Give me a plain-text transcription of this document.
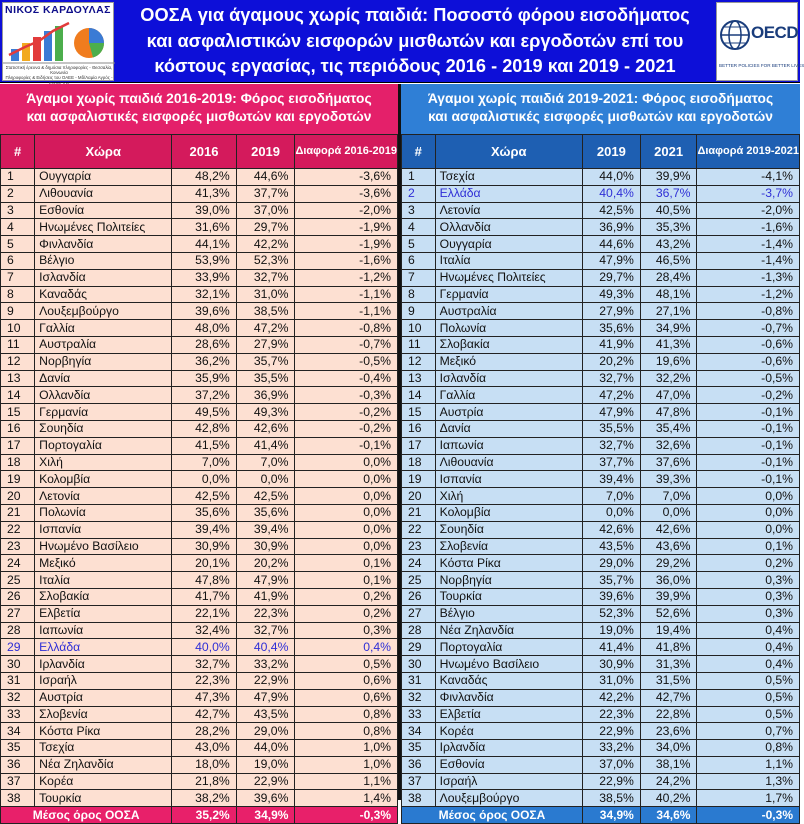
ΝΙΚΟΣ ΚΑΡΔΟΥΛΑΣ
Στατιστική έρευνα & δημόσια πληροφορίες - Θεσσαλία, Κοινωνία
Πληροφορίες & Ειδήσεις του ΟΑΕΕ - Μδ/Λαμία Αγρός -
ΟΟΣΑ για άγαμους χωρίς παιδιά: Ποσοστό φόρου εισοδήματος
και ασφαλιστικών εισφορών μισθωτών και εργοδοτών επί του
κόστους εργασίας, τις περιόδους 2016 - 2019 και 2019 - 2021
OECD
BETTER POLICIES FOR BETTER LIVES
Άγαμοι χωρίς παιδιά 2016-2019: Φόρος εισοδήματος
και ασφαλιστικές εισφορές μισθωτών και εργοδοτών
#	Χώρα	2016	2019	Διαφορά 2016-2019
1	Ουγγαρία	48,2%	44,6%	-3,6%
2	Λιθουανία	41,3%	37,7%	-3,6%
3	Εσθονία	39,0%	37,0%	-2,0%
4	Ηνωμένες Πολιτείες	31,6%	29,7%	-1,9%
5	Φινλανδία	44,1%	42,2%	-1,9%
6	Βέλγιο	53,9%	52,3%	-1,6%
7	Ισλανδία	33,9%	32,7%	-1,2%
8	Καναδάς	32,1%	31,0%	-1,1%
9	Λουξεμβούργο	39,6%	38,5%	-1,1%
10	Γαλλία	48,0%	47,2%	-0,8%
11	Αυστραλία	28,6%	27,9%	-0,7%
12	Νορβηγία	36,2%	35,7%	-0,5%
13	Δανία	35,9%	35,5%	-0,4%
14	Ολλανδία	37,2%	36,9%	-0,3%
15	Γερμανία	49,5%	49,3%	-0,2%
16	Σουηδία	42,8%	42,6%	-0,2%
17	Πορτογαλία	41,5%	41,4%	-0,1%
18	Χιλή	7,0%	7,0%	0,0%
19	Κολομβία	0,0%	0,0%	0,0%
20	Λετονία	42,5%	42,5%	0,0%
21	Πολωνία	35,6%	35,6%	0,0%
22	Ισπανία	39,4%	39,4%	0,0%
23	Ηνωμένο Βασίλειο	30,9%	30,9%	0,0%
24	Μεξικό	20,1%	20,2%	0,1%
25	Ιταλία	47,8%	47,9%	0,1%
26	Σλοβακία	41,7%	41,9%	0,2%
27	Ελβετία	22,1%	22,3%	0,2%
28	Ιαπωνία	32,4%	32,7%	0,3%
29	Ελλάδα	40,0%	40,4%	0,4%
30	Ιρλανδία	32,7%	33,2%	0,5%
31	Ισραήλ	22,3%	22,9%	0,6%
32	Αυστρία	47,3%	47,9%	0,6%
33	Σλοβενία	42,7%	43,5%	0,8%
34	Κόστα Ρίκα	28,2%	29,0%	0,8%
35	Τσεχία	43,0%	44,0%	1,0%
36	Νέα Ζηλανδία	18,0%	19,0%	1,0%
37	Κορέα	21,8%	22,9%	1,1%
38	Τουρκία	38,2%	39,6%	1,4%
Μέσος όρος ΟΟΣΑ		35,2%	34,9%	-0,3%
Άγαμοι χωρίς παιδιά 2019-2021: Φόρος εισοδήματος
και ασφαλιστικές εισφορές μισθωτών και εργοδοτών
#	Χώρα	2019	2021	Διαφορά 2019-2021
1	Τσεχία	44,0%	39,9%	-4,1%
2	Ελλάδα	40,4%	36,7%	-3,7%
3	Λετονία	42,5%	40,5%	-2,0%
4	Ολλανδία	36,9%	35,3%	-1,6%
5	Ουγγαρία	44,6%	43,2%	-1,4%
6	Ιταλία	47,9%	46,5%	-1,4%
7	Ηνωμένες Πολιτείες	29,7%	28,4%	-1,3%
8	Γερμανία	49,3%	48,1%	-1,2%
9	Αυστραλία	27,9%	27,1%	-0,8%
10	Πολωνία	35,6%	34,9%	-0,7%
11	Σλοβακία	41,9%	41,3%	-0,6%
12	Μεξικό	20,2%	19,6%	-0,6%
13	Ισλανδία	32,7%	32,2%	-0,5%
14	Γαλλία	47,2%	47,0%	-0,2%
15	Αυστρία	47,9%	47,8%	-0,1%
16	Δανία	35,5%	35,4%	-0,1%
17	Ιαπωνία	32,7%	32,6%	-0,1%
18	Λιθουανία	37,7%	37,6%	-0,1%
19	Ισπανία	39,4%	39,3%	-0,1%
20	Χιλή	7,0%	7,0%	0,0%
21	Κολομβία	0,0%	0,0%	0,0%
22	Σουηδία	42,6%	42,6%	0,0%
23	Σλοβενία	43,5%	43,6%	0,1%
24	Κόστα Ρίκα	29,0%	29,2%	0,2%
25	Νορβηγία	35,7%	36,0%	0,3%
26	Τουρκία	39,6%	39,9%	0,3%
27	Βέλγιο	52,3%	52,6%	0,3%
28	Νέα Ζηλανδία	19,0%	19,4%	0,4%
29	Πορτογαλία	41,4%	41,8%	0,4%
30	Ηνωμένο Βασίλειο	30,9%	31,3%	0,4%
31	Καναδάς	31,0%	31,5%	0,5%
32	Φινλανδία	42,2%	42,7%	0,5%
33	Ελβετία	22,3%	22,8%	0,5%
34	Κορέα	22,9%	23,6%	0,7%
35	Ιρλανδία	33,2%	34,0%	0,8%
36	Εσθονία	37,0%	38,1%	1,1%
37	Ισραήλ	22,9%	24,2%	1,3%
38	Λουξεμβούργο	38,5%	40,2%	1,7%
Μέσος όρος ΟΟΣΑ		34,9%	34,6%	-0,3%
